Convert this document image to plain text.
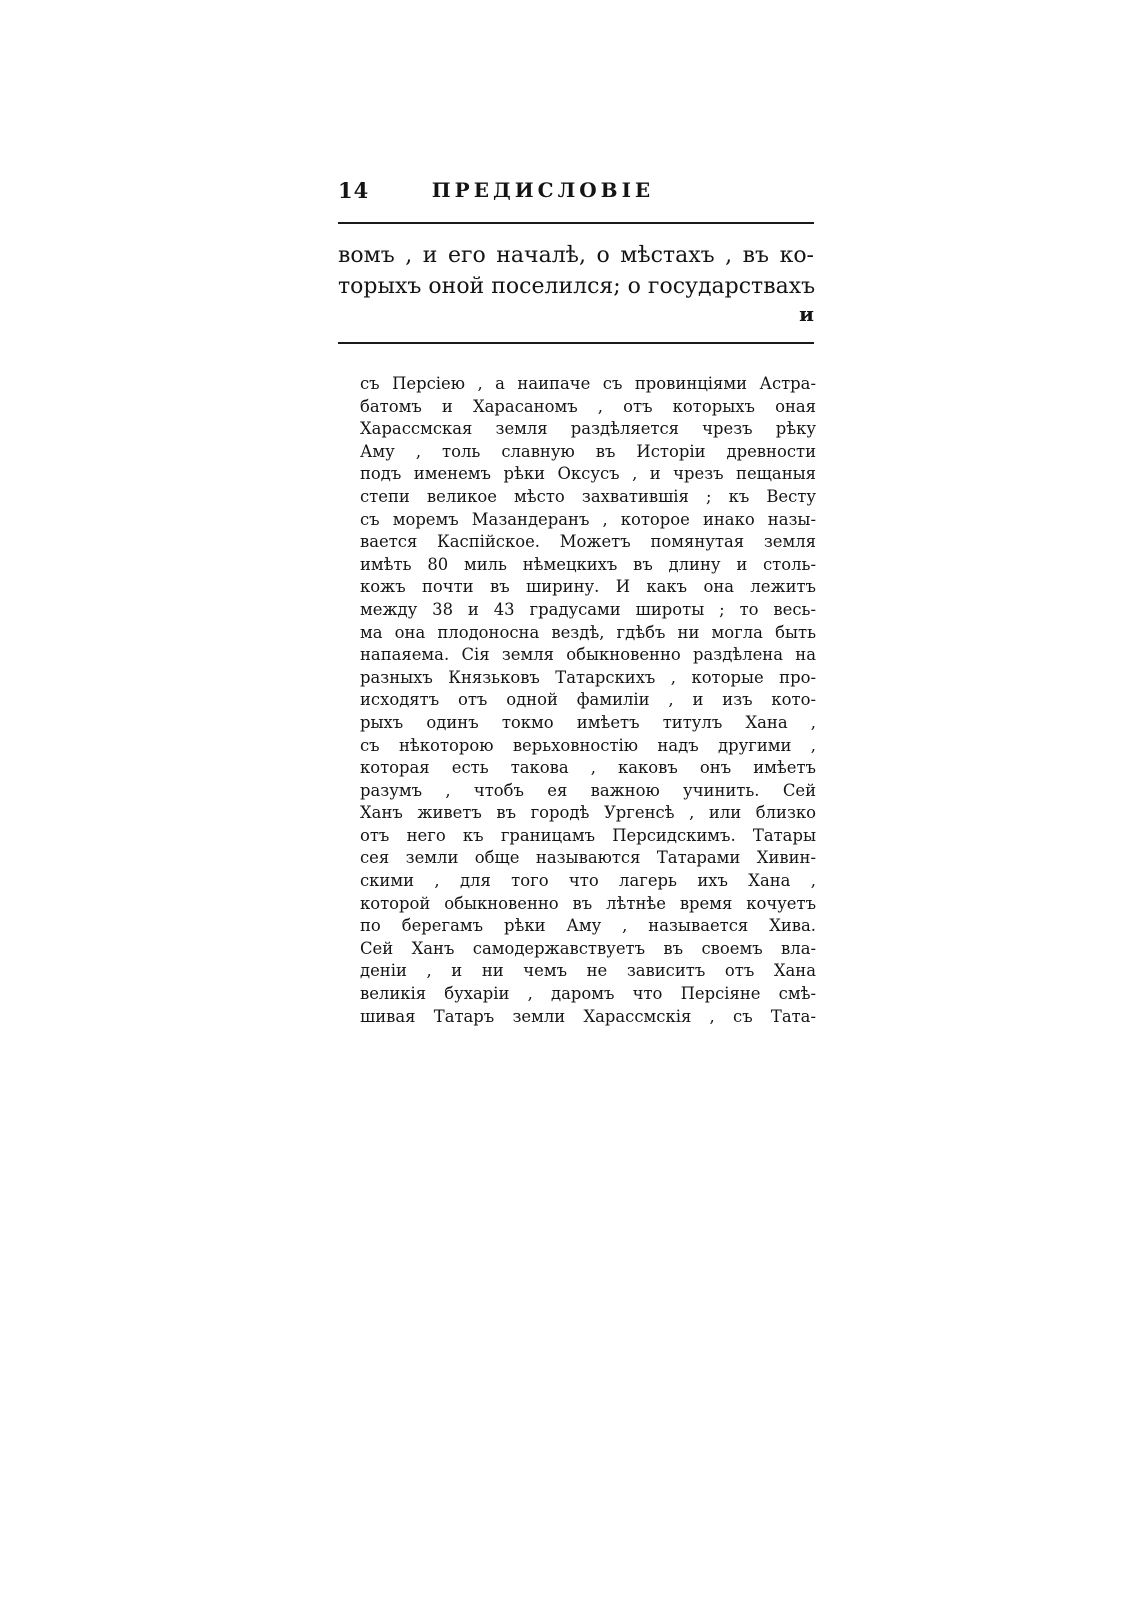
14	ПРЕДИСЛОВІЕ
вомъ , и его началѣ, о мѣстахъ , въ ко-
торыхъ оной поселился; о государствахъ
и
съ Персіею , а наипаче съ провинціями Астра-
батомъ и Харасаномъ , отъ которыхъ оная
Харассмская земля раздѣляется чрезъ рѣку
Аму , толь славную въ Исторіи древности
подъ именемъ рѣки Оксусъ , и чрезъ пещаныя
степи великое мѣсто захватившія ; къ Весту
съ моремъ Мазандеранъ , которое инако назы-
вается Каспійское. Можетъ помянутая земля
имѣть 80 миль нѣмецкихъ въ длину и столь-
кожъ почти въ ширину. И какъ она лежитъ
между 38 и 43 градусами широты ; то весь-
ма она плодоносна вездѣ, гдѣбъ ни могла быть
напаяема. Сія земля обыкновенно раздѣлена на
разныхъ Князьковъ Татарскихъ , которые про-
исходятъ отъ одной фамиліи , и изъ кото-
рыхъ одинъ токмо имѣетъ титулъ Хана ,
съ нѣкоторою верьховностію надъ другими ,
которая есть такова , каковъ онъ имѣетъ
разумъ , чтобъ ея важною учинить. Сей
Ханъ живетъ въ городѣ Ургенсѣ , или близко
отъ него къ границамъ Персидскимъ. Татары
сея земли обще называются Татарами Хивин-
скими , для того что лагерь ихъ Хана ,
которой обыкновенно въ лѣтнѣе время кочуетъ
по берегамъ рѣки Аму , называется Хива.
Сей Ханъ самодержавствуетъ въ своемъ вла-
деніи , и ни чемъ не зависитъ отъ Хана
великія бухаріи , даромъ что Персіяне смѣ-
шивая Татаръ земли Харассмскія , съ Тата-
